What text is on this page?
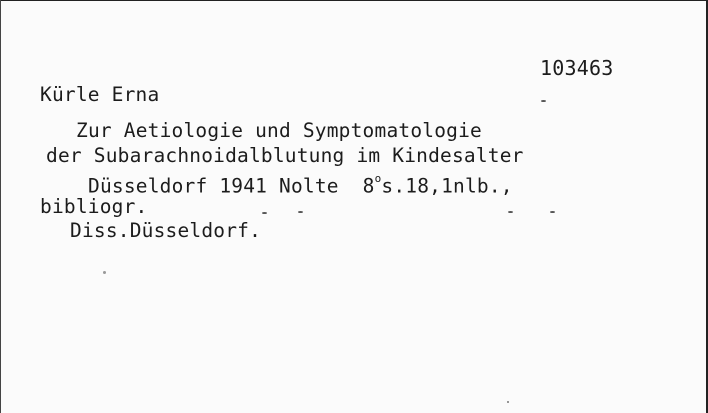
103463
Kürle Erna
Zur Aetiologie und Symptomatologie
der Subarachnoidalblutung im Kindesalter
Düsseldorf 1941 Nolte  8$^o$s.18,1nlb.,
bibliogr.
Diss.Düsseldorf.
